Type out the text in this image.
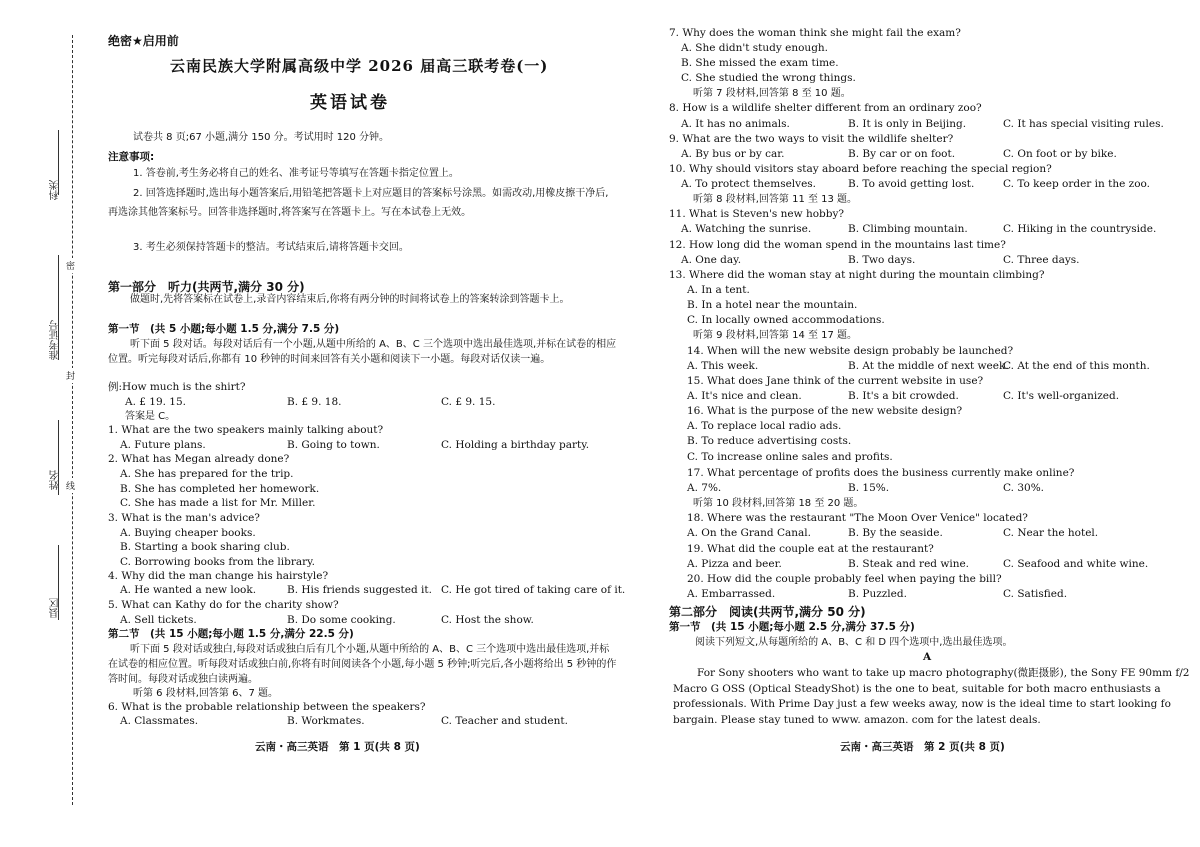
科类
准考证号
姓名
县区
密
封
线
绝密★启用前
云南民族大学附属高级中学 2026 届高三联考卷(一)
英语试卷
试卷共 8 页;67 小题,满分 150 分。考试用时 120 分钟。
注意事项:
1. 答卷前,考生务必将自己的姓名、准考证号等填写在答题卡指定位置上。
2. 回答选择题时,选出每小题答案后,用铅笔把答题卡上对应题目的答案标号涂黑。如需改动,用橡皮擦干净后,再选涂其他答案标号。回答非选择题时,将答案写在答题卡上。写在本试卷上无效。
3. 考生必须保持答题卡的整洁。考试结束后,请将答题卡交回。
第一部分　听力(共两节,满分 30 分)
做题时,先将答案标在试卷上,录音内容结束后,你将有两分钟的时间将试卷上的答案转涂到答题卡上。
第一节　(共 5 小题;每小题 1.5 分,满分 7.5 分)
听下面 5 段对话。每段对话后有一个小题,从题中所给的 A、B、C 三个选项中选出最佳选项,并标在试卷的相应位置。听完每段对话后,你都有 10 秒钟的时间来回答有关小题和阅读下一小题。每段对话仅读一遍。
例:How much is the shirt?
A. £ 19. 15.	B. £ 9. 18.	C. £ 9. 15.
答案是 C。
1. What are the two speakers mainly talking about?
A. Future plans.	B. Going to town.	C. Holding a birthday party.
2. What has Megan already done?
A. She has prepared for the trip.
B. She has completed her homework.
C. She has made a list for Mr. Miller.
3. What is the man's advice?
A. Buying cheaper books.
B. Starting a book sharing club.
C. Borrowing books from the library.
4. Why did the man change his hairstyle?
A. He wanted a new look.	B. His friends suggested it. C. He got tired of taking care of it.
5. What can Kathy do for the charity show?
A. Sell tickets.	B. Do some cooking.	C. Host the show.
第二节　(共 15 小题;每小题 1.5 分,满分 22.5 分)
听下面 5 段对话或独白,每段对话或独白后有几个小题,从题中所给的 A、B、C 三个选项中选出最佳选项,并标在试卷的相应位置。听每段对话或独白前,你将有时间阅读各个小题,每小题 5 秒钟;听完后,各小题将给出 5 秒钟的作答时间。每段对话或独白读两遍。
听第 6 段材料,回答第 6、7 题。
6. What is the probable relationship between the speakers?
A. Classmates.	B. Workmates.	C. Teacher and student.
云南・高三英语　第 1 页(共 8 页)
7. Why does the woman think she might fail the exam?
A. She didn't study enough.
B. She missed the exam time.
C. She studied the wrong things.
听第 7 段材料,回答第 8 至 10 题。
8. How is a wildlife shelter different from an ordinary zoo?
A. It has no animals.	B. It is only in Beijing.	C. It has special visiting rules.
9. What are the two ways to visit the wildlife shelter?
A. By bus or by car.	B. By car or on foot.	C. On foot or by bike.
10. Why should visitors stay aboard before reaching the special region?
A. To protect themselves.	B. To avoid getting lost.	C. To keep order in the zoo.
听第 8 段材料,回答第 11 至 13 题。
11. What is Steven's new hobby?
A. Watching the sunrise.	B. Climbing mountain.	C. Hiking in the countryside.
12. How long did the woman spend in the mountains last time?
A. One day.	B. Two days.	C. Three days.
13. Where did the woman stay at night during the mountain climbing?
A. In a tent.
B. In a hotel near the mountain.
C. In locally owned accommodations.
听第 9 段材料,回答第 14 至 17 题。
14. When will the new website design probably be launched?
A. This week.	B. At the middle of next week.
C. At the end of this month.
15. What does Jane think of the current website in use?
A. It's nice and clean.	B. It's a bit crowded.	C. It's well-organized.
16. What is the purpose of the new website design?
A. To replace local radio ads.
B. To reduce advertising costs.
C. To increase online sales and profits.
17. What percentage of profits does the business currently make online?
A. 7%.	B. 15%.	C. 30%.
听第 10 段材料,回答第 18 至 20 题。
18. Where was the restaurant "The Moon Over Venice" located?
A. On the Grand Canal.	B. By the seaside.	C. Near the hotel.
19. What did the couple eat at the restaurant?
A. Pizza and beer.	B. Steak and red wine.	C. Seafood and white wine.
20. How did the couple probably feel when paying the bill?
A. Embarrassed.	B. Puzzled.	C. Satisfied.
第二部分　阅读(共两节,满分 50 分)
第一节　(共 15 小题;每小题 2.5 分,满分 37.5 分)
阅读下列短文,从每题所给的 A、B、C 和 D 四个选项中,选出最佳选项。
A
For Sony shooters who want to take up macro photography(微距摄影), the Sony FE 90mm f/2
Macro G OSS (Optical SteadyShot) is the one to beat, suitable for both macro enthusiasts a
professionals. With Prime Day just a few weeks away, now is the ideal time to start looking fo
bargain. Please stay tuned to www. amazon. com for the latest deals.
云南・高三英语　第 2 页(共 8 页)
